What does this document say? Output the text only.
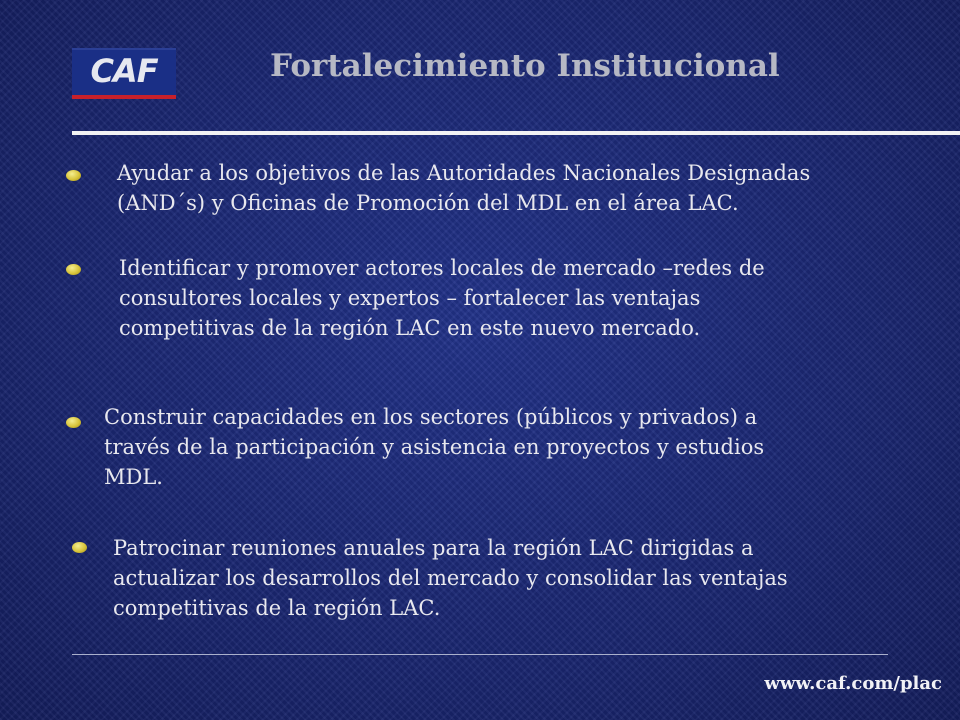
CAF	Fortalecimiento Institucional
Ayudar a los objetivos de las Autoridades Nacionales Designadas
(AND´s) y Oficinas de Promoción del MDL en el área LAC.
Identificar y promover actores locales de mercado –redes de
consultores locales y expertos – fortalecer las ventajas
competitivas de la región LAC en este nuevo mercado.
Construir capacidades en los sectores (públicos y privados) a
través de la participación y asistencia en proyectos y estudios
MDL.
Patrocinar reuniones anuales para la región LAC dirigidas a
actualizar los desarrollos del mercado y consolidar las ventajas
competitivas de la región LAC.
www.caf.com/plac
